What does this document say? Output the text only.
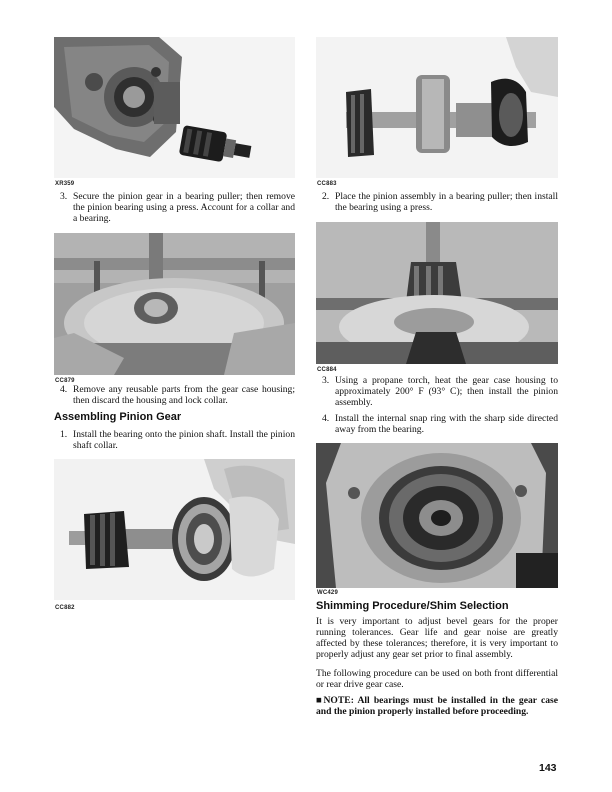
XR359
3. Secure the pinion gear in a bearing puller; then remove the pinion bearing using a press. Account for a collar and a bearing.
CC879
4. Remove any reusable parts from the gear case housing; then discard the housing and lock collar.
Assembling Pinion Gear
1. Install the bearing onto the pinion shaft. Install the pinion shaft collar.
CC882
CC883
2. Place the pinion assembly in a bearing puller; then install the bearing using a press.
CC884
3. Using a propane torch, heat the gear case housing to approximately 200° F (93° C); then install the pinion assembly.
4. Install the internal snap ring with the sharp side directed away from the bearing.
WC429
Shimming Procedure/Shim Selection

It is very important to adjust bevel gears for the proper running tolerances. Gear life and gear noise are greatly affected by these tolerances; therefore, it is very important to properly adjust any gear set prior to final assembly.

The following procedure can be used on both front differential or rear drive gear case.

■NOTE: All bearings must be installed in the gear case and the pinion properly installed before proceeding.

143
